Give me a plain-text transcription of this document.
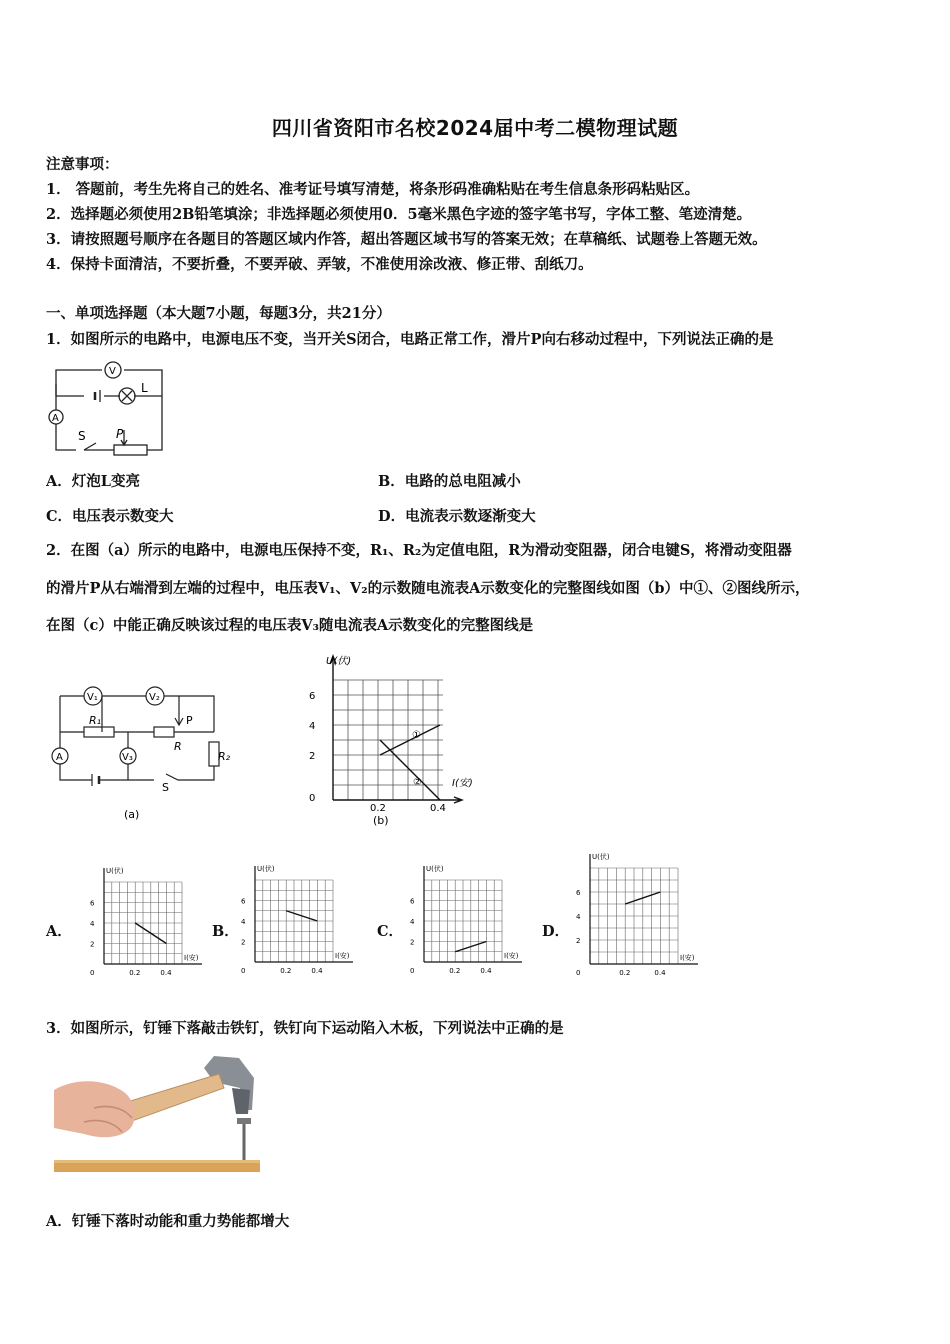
四川省资阳市名校2024届中考二模物理试题
注意事项：
1． 答题前，考生先将自己的姓名、准考证号填写清楚，将条形码准确粘贴在考生信息条形码粘贴区。
2．选择题必须使用2B铅笔填涂；非选择题必须使用0．5毫米黑色字迹的签字笔书写，字体工整、笔迹清楚。
3．请按照题号顺序在各题目的答题区域内作答，超出答题区域书写的答案无效；在草稿纸、试题卷上答题无效。
4．保持卡面清洁，不要折叠，不要弄破、弄皱，不准使用涂改液、修正带、刮纸刀。
一、单项选择题（本大题7小题，每题3分，共21分）
1．如图所示的电路中，电源电压不变，当开关S闭合，电路正常工作，滑片P向右移动过程中，下列说法正确的是
V
A
L
S	P
A．灯泡L变亮	B．电路的总电阻减小
C．电压表示数变大	D．电流表示数逐渐变大
2．在图（a）所示的电路中，电源电压保持不变，R₁、R₂为定值电阻，R为滑动变阻器，闭合电键S，将滑动变阻器
的滑片P从右端滑到左端的过程中，电压表V₁、V₂的示数随电流表A示数变化的完整图线如图（b）中①、②图线所示，
在图（c）中能正确反映该过程的电压表V₃随电流表A示数变化的完整图线是
V₁	V₂
V₃
A
R₁
R
R₂
P
S
(a)
U(伏)
I(安)
6
4
2
0
0.2	0.4
①
②
(b)
A．	B．	C．	D．
U(伏)
I(安)
6
4
2
0	0.2	0.4
U(伏)
I(安)
6
4
2
0	0.2	0.4
U(伏)
I(安)
6
4
2
0	0.2	0.4
U(伏)
I(安)
6
4
2
0	0.2	0.4
3．如图所示，钉锤下落敲击铁钉，铁钉向下运动陷入木板，下列说法中正确的是
A．钉锤下落时动能和重力势能都增大
